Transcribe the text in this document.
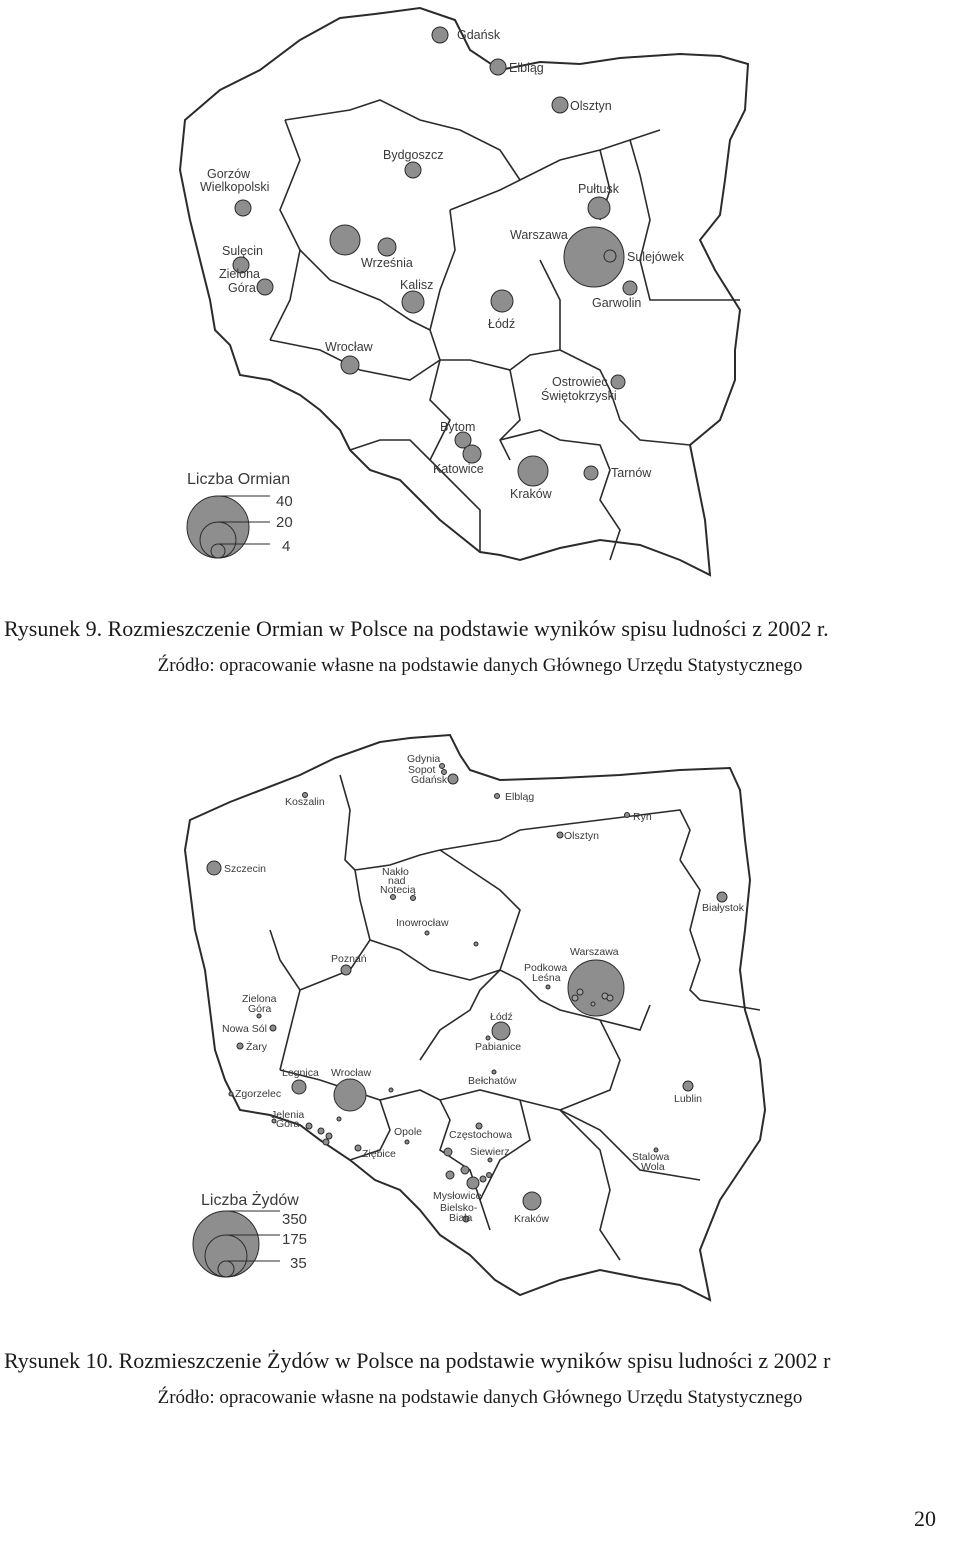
Gdańsk
Elbląg
Olsztyn
Bydgoszcz
Gorzów
Wielkopolski	Pułtusk
Sulęcin
Zielona
Góra
Września
Warszawa
Sulejówek
Kalisz
Garwolin
Łódź
Wrocław
Ostrowiec
Świętokrzyski
Bytom
Katowice
Kraków
Tarnów
Liczba Ormian
40
20
4
Rysunek 9. Rozmieszczenie Ormian w Polsce na podstawie wyników spisu ludności z 2002 r.
Źródło: opracowanie własne na podstawie danych Głównego Urzędu Statystycznego
Gdynia
Sopot
Gdańsk
Koszalin	Elbląg
Ryn
Olsztyn
Szczecin	Nakło
nad
Notecią
Białystok
Inowrocław
Poznań
Warszawa
Podkowa
Leśna
Zielona
Góra
Nowa Sól
Łódź
Żary	Pabianice
Legnica Wrocław
Bełchatów
Zgorzelec	Lublin
Jelenia
Góra
Opole	Częstochowa
Ziębice	Siewierz	Stalowa
Wola
Mysłowice
Bielsko-
Biała	Kraków
Liczba Żydów
350
175
35
Rysunek 10. Rozmieszczenie Żydów w Polsce na podstawie wyników spisu ludności z 2002 r
Źródło: opracowanie własne na podstawie danych Głównego Urzędu Statystycznego
20
